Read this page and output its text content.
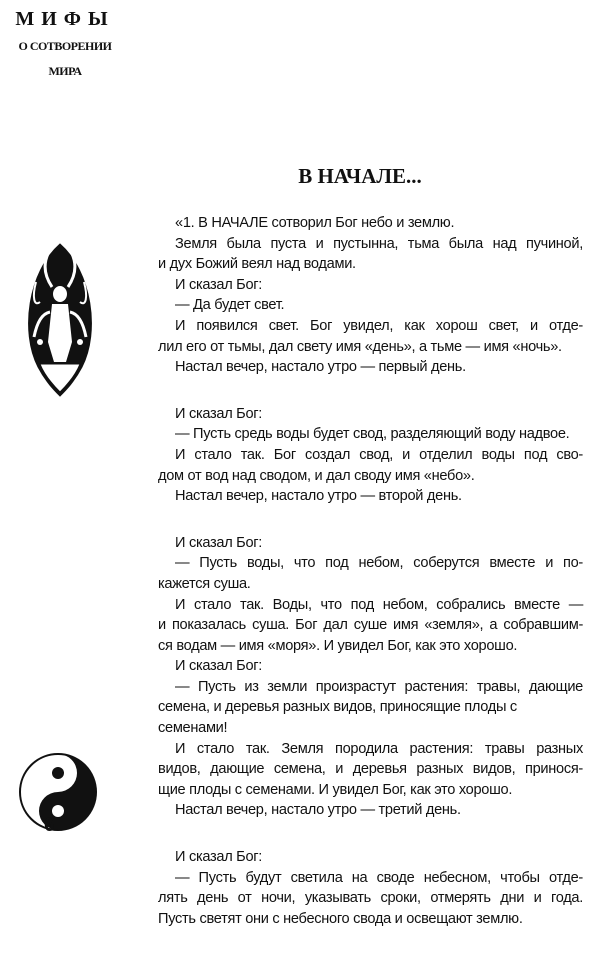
МИФЫ
О СОТВОРЕНИИ
МИРА
В НАЧАЛЕ...
«1. В НАЧАЛЕ сотворил Бог небо и землю.
Земля была пуста и пустынна, тьма была над пучиной,
и дух Божий веял над водами.
И сказал Бог:
— Да будет свет.
И появился свет. Бог увидел, как хорош свет, и отде-
лил его от тьмы, дал свету имя «день», а тьме — имя «ночь».
Настал вечер, настало утро — первый день.
И сказал Бог:
— Пусть средь воды будет свод, разделяющий воду надвое.
И стало так. Бог создал свод, и отделил воды под сво-
дом от вод над сводом, и дал своду имя «небо».
Настал вечер, настало утро — второй день.
И сказал Бог:
— Пусть воды, что под небом, соберутся вместе и по-
кажется суша.
И стало так. Воды, что под небом, собрались вместе —
и показалась суша. Бог дал суше имя «земля», а собравшим-
ся водам — имя «моря». И увидел Бог, как это хорошо.
И сказал Бог:
— Пусть из земли произрастут растения: травы, дающие
семена, и деревья разных видов, приносящие плоды с семенами!
И стало так. Земля породила растения: травы разных
видов, дающие семена, и деревья разных видов, принося-
щие плоды с семенами. И увидел Бог, как это хорошо.
Настал вечер, настало утро — третий день.
И сказал Бог:
— Пусть будут светила на своде небесном, чтобы отде-
лять день от ночи, указывать сроки, отмерять дни и года.
Пусть светят они с небесного свода и освещают землю.
6
